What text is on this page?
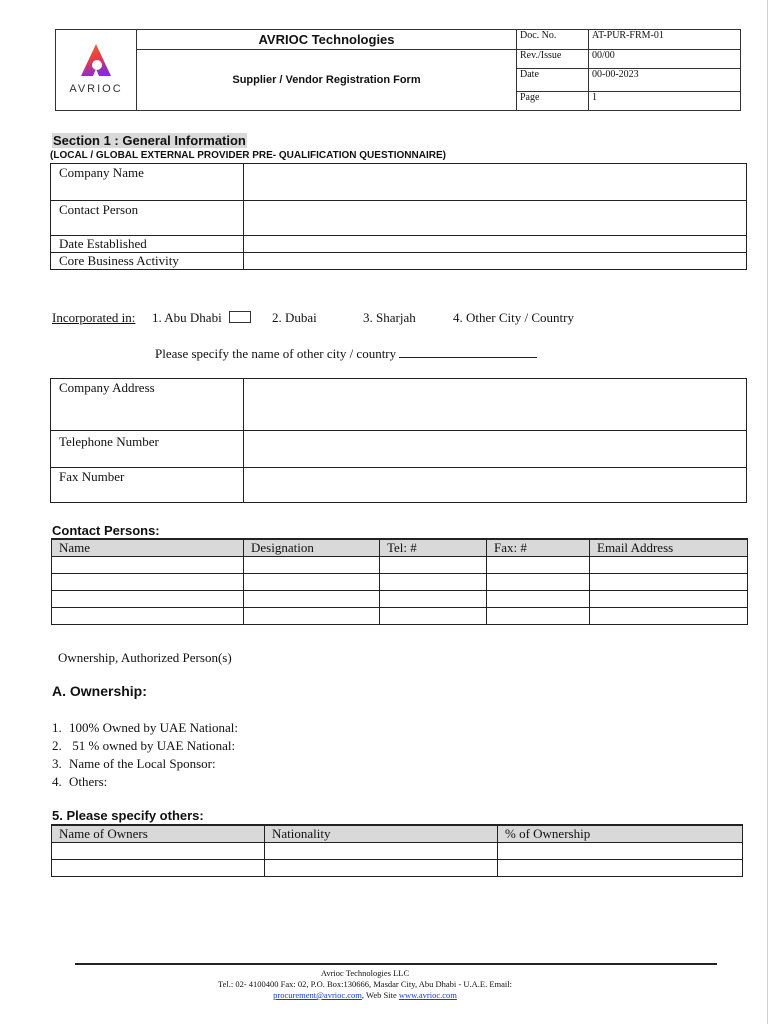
AVRIOC	AVRIOC Technologies	Doc. No.	AT-PUR-FRM-01
	Supplier / Vendor Registration Form	Rev./Issue	00/00
		Date	00-00-2023
		Page	1
Section 1 : General Information
(LOCAL / GLOBAL EXTERNAL PROVIDER PRE- QUALIFICATION QUESTIONNAIRE)
Company Name	
Contact Person	
Date Established	
Core Business Activity	
Incorporated in: 1. Abu Dhabi	2. Dubai	3. Sharjah	4. Other City / Country
Please specify the name of other city / country
Company Address	
Telephone Number	
Fax Number	
Contact Persons:
Name	Designation	Tel: #	Fax: #	Email Address

Ownership, Authorized Person(s)
A. Ownership:
1. 100% Owned by UAE National:
2. 51 % owned by UAE National:
3. Name of the Local Sponsor:
4. Others:
5. Please specify others:
Name of Owners	Nationality	% of Ownership

Avrioc Technologies LLC
Tel.: 02- 4100400 Fax: 02, P.O. Box:130666, Masdar City, Abu Dhabi - U.A.E. Email:
procurement@avrioc.com, Web Site www.avrioc.com
